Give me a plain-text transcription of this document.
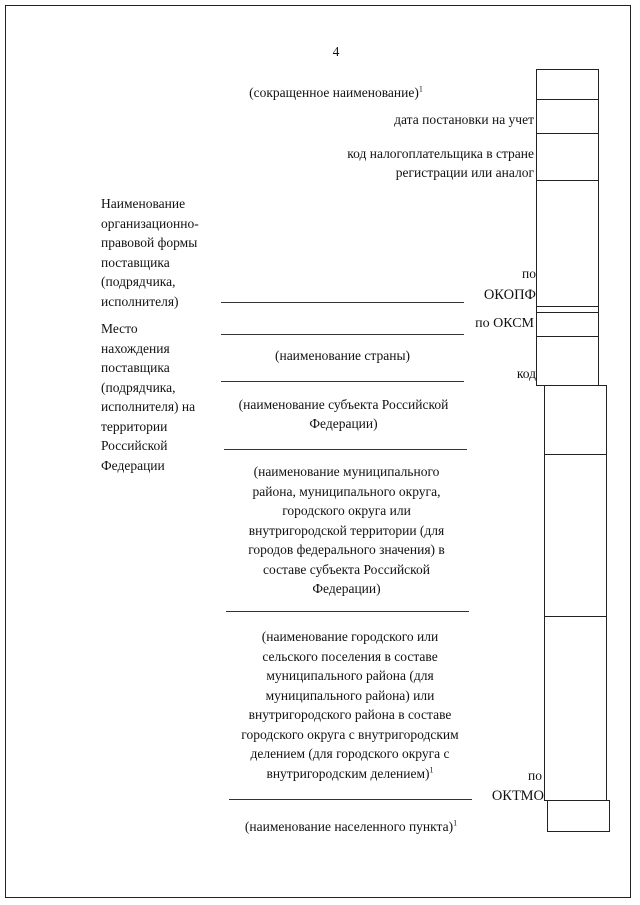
4
(сокращенное наименование)$^1$
дата постановки на учет
код налогоплательщика в стране
регистрации или аналог
Наименование
организационно-
правовой формы
поставщика
(подрядчика,
исполнителя)
по
ОКОПФ
Место
нахождения
поставщика
(подрядчика,
исполнителя) на
территории
Российской
Федерации
по ОКСМ
(наименование страны)
код
(наименование субъекта Российской
Федерации)
(наименование муниципального
района, муниципального округа,
городского округа или
внутригородской территории (для
городов федерального значения) в
составе субъекта Российской
Федерации)
(наименование городского или
сельского поселения в составе
муниципального района (для
муниципального района) или
внутригородского района в составе
городского округа с внутригородским
делением (для городского округа с
внутригородским делением)$^1$	по
ОКТМО
(наименование населенного пункта)$^1$
